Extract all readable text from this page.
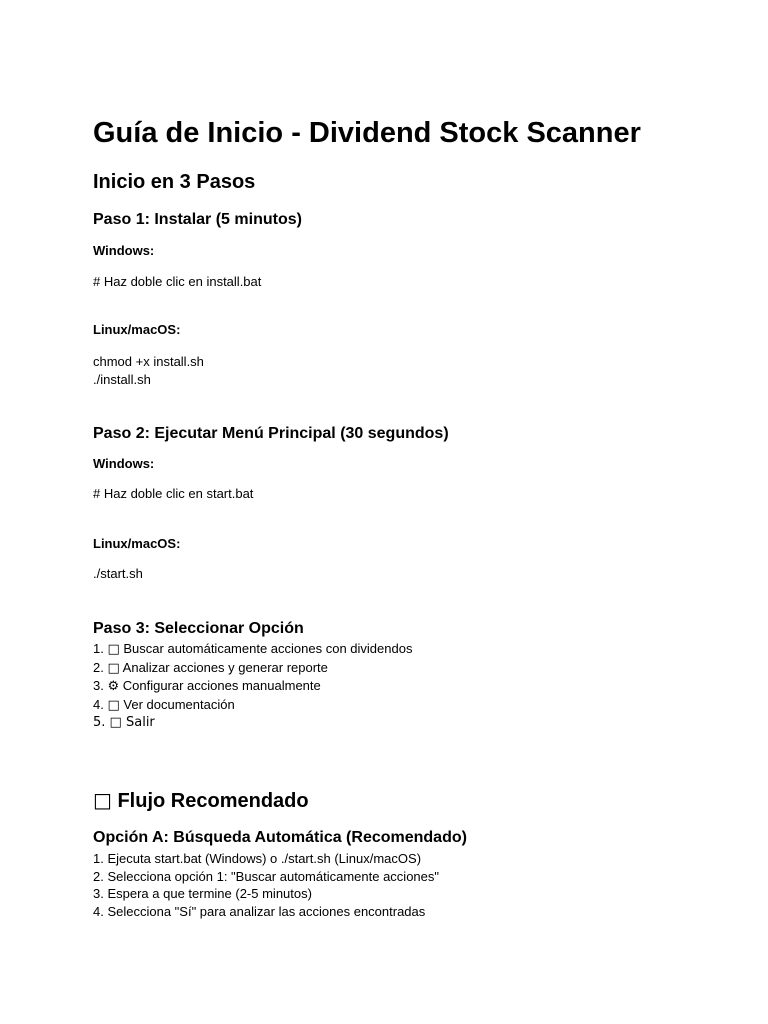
Guía de Inicio - Dividend Stock Scanner
Inicio en 3 Pasos
Paso 1: Instalar (5 minutos)
Windows:
# Haz doble clic en install.bat
Linux/macOS:
chmod +x install.sh
./install.sh
Paso 2: Ejecutar Menú Principal (30 segundos)
Windows:
# Haz doble clic en start.bat
Linux/macOS:
./start.sh
Paso 3: Seleccionar Opción
1. □ Buscar automáticamente acciones con dividendos
2. □ Analizar acciones y generar reporte
3. ⚙ Configurar acciones manualmente
4. □ Ver documentación
5. □ Salir
□ Flujo Recomendado
Opción A: Búsqueda Automática (Recomendado)
1. Ejecuta start.bat (Windows) o ./start.sh (Linux/macOS)
2. Selecciona opción 1: "Buscar automáticamente acciones"
3. Espera a que termine (2-5 minutos)
4. Selecciona "Sí" para analizar las acciones encontradas
